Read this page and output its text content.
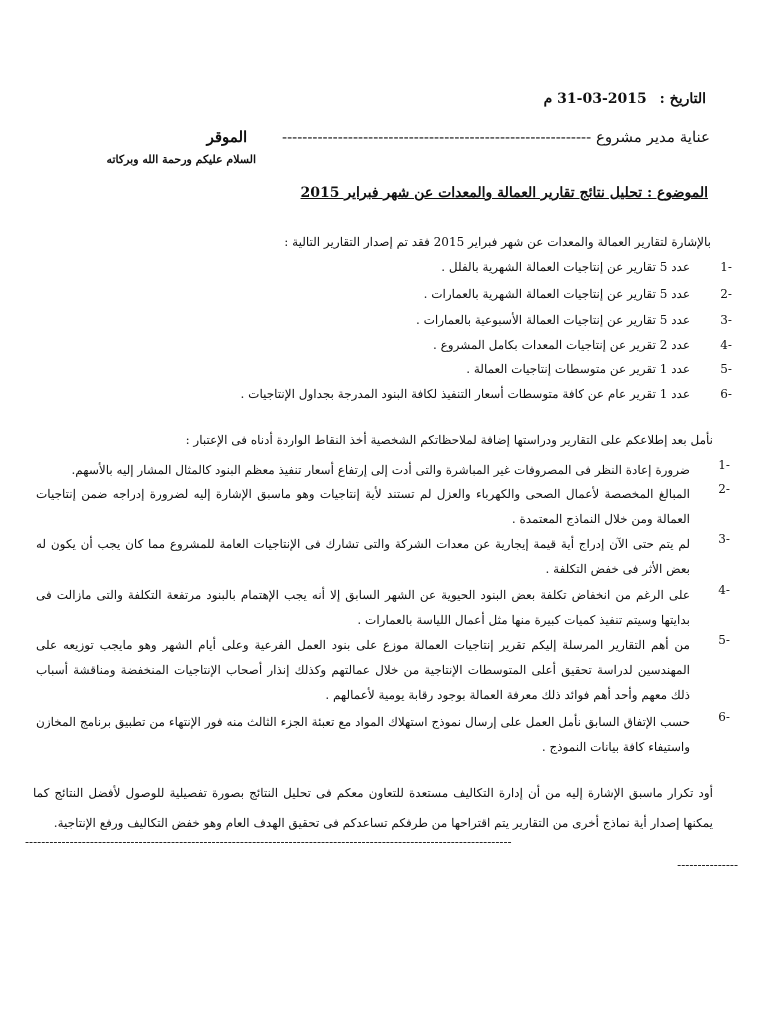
التاريخ : 31-03-2015 م
عناية مدير مشروع ------------------------------------------------------------- الموقر
السلام عليكم ورحمة الله وبركاته
الموضوع : تحليل نتائج تقارير العمالة والمعدات عن شهر فبراير 2015
بالإشارة لتقارير العمالة والمعدات عن شهر فبراير 2015 فقد تم إصدار التقارير التالية :
1-
عدد 5 تقارير عن إنتاجيات العمالة الشهرية بالفلل .
2-
عدد 5 تقارير عن إنتاجيات العمالة الشهرية بالعمارات .
3-
عدد 5 تقارير عن إنتاجيات العمالة الأسبوعية بالعمارات .
4-
عدد 2 تقرير عن إنتاجيات المعدات بكامل المشروع .
5-
عدد 1 تقرير عن متوسطات إنتاجيات العمالة .
6-
عدد 1 تقرير عام عن كافة متوسطات أسعار التنفيذ لكافة البنود المدرجة بجداول الإنتاجيات .
نأمل بعد إطلاعكم على التقارير ودراستها إضافة لملاحظاتكم الشخصية أخذ النقاط الواردة أدناه فى الإعتبار :
1-
ضرورة إعادة النظر فى المصروفات غير المباشرة والتى أدت إلى إرتفاع أسعار تنفيذ معظم البنود كالمثال المشار إليه بالأسهم.
2-
المبالغ المخصصة لأعمال الصحى والكهرباء والعزل لم تستند لأية إنتاجيات وهو ماسبق الإشارة إليه لضرورة إدراجه ضمن إنتاجيات العمالة ومن خلال النماذج المعتمدة .
3-
لم يتم حتى الآن إدراج أية قيمة إيجارية عن معدات الشركة والتى تشارك فى الإنتاجيات العامة للمشروع مما كان يجب أن يكون له بعض الأثر فى خفض التكلفة .
4-
على الرغم من انخفاض تكلفة بعض البنود الحيوية عن الشهر السابق إلا أنه يجب الإهتمام بالبنود مرتفعة التكلفة والتى مازالت فى بدايتها وسيتم تنفيذ كميات كبيرة منها مثل أعمال اللياسة بالعمارات .
5-
من أهم التقارير المرسلة إليكم تقرير إنتاجيات العمالة موزع على بنود العمل الفرعية وعلى أيام الشهر وهو مايجب توزيعه على المهندسين لدراسة تحقيق أعلى المتوسطات الإنتاجية من خلال عمالتهم وكذلك إنذار أصحاب الإنتاجيات المنخفضة ومناقشة أسباب ذلك معهم وأحد أهم فوائد ذلك معرفة العمالة بوجود رقابة يومية لأعمالهم .
6-
حسب الإتفاق السابق نأمل العمل على إرسال نموذج استهلاك المواد مع تعبئة الجزء الثالث منه فور الإنتهاء من تطبيق برنامج المخازن واستيفاء كافة بيانات النموذج .
أود تكرار ماسبق الإشارة إليه من أن إدارة التكاليف مستعدة للتعاون معكم فى تحليل النتائج بصورة تفصيلية للوصول لأفضل النتائج كما يمكنها إصدار أية نماذج أخرى من التقارير يتم اقتراحها من طرفكم تساعدكم فى تحقيق الهدف العام وهو خفض التكاليف ورفع الإنتاجية.
------------------------------------------------------------------------------------------------------------------------
---------------
